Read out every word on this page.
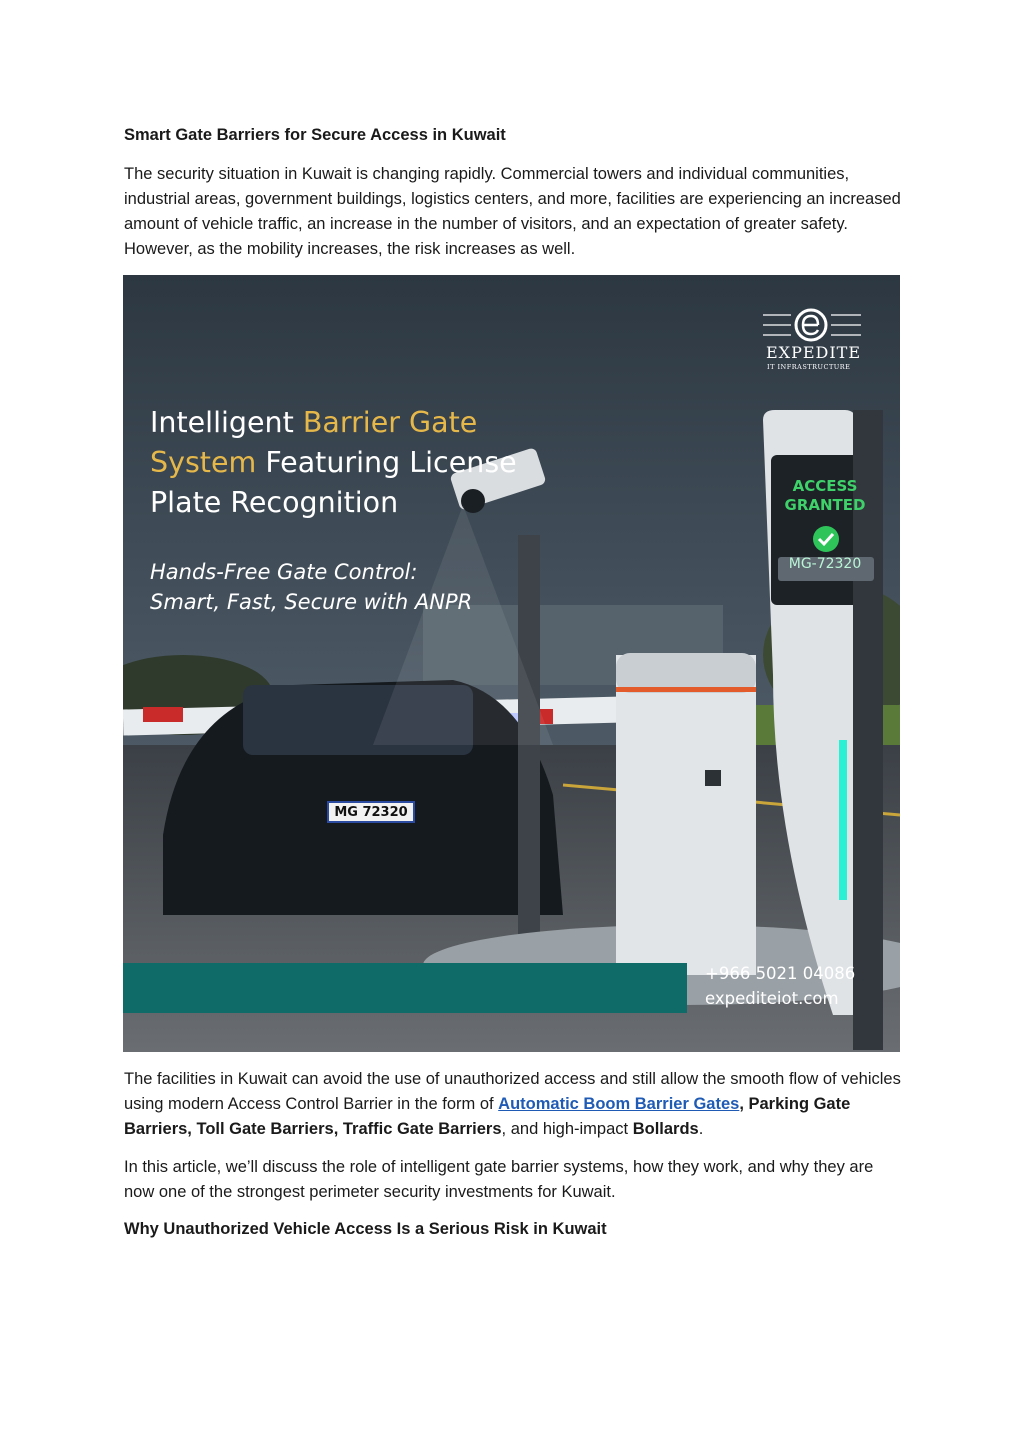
Smart Gate Barriers for Secure Access in Kuwait

The security situation in Kuwait is changing rapidly. Commercial towers and individual communities, industrial areas, government buildings, logistics centers, and more, facilities are experiencing an increased amount of vehicle traffic, an increase in the number of visitors, and an expectation of greater safety. However, as the mobility increases, the risk increases as well.

EXPEDITE
IT INFRASTRUCTURE
Intelligent Barrier Gate
System Featuring License
Plate Recognition
Hands-Free Gate Control:
Smart, Fast, Secure with ANPR
ACCESS
GRANTED
MG-72320
MG 72320
+966 5021 04086
expediteiot.com

The facilities in Kuwait can avoid the use of unauthorized access and still allow the smooth flow of vehicles using modern Access Control Barrier in the form of Automatic Boom Barrier Gates, Parking Gate Barriers, Toll Gate Barriers, Traffic Gate Barriers, and high-impact Bollards.

In this article, we’ll discuss the role of intelligent gate barrier systems, how they work, and why they are now one of the strongest perimeter security investments for Kuwait.

Why Unauthorized Vehicle Access Is a Serious Risk in Kuwait
